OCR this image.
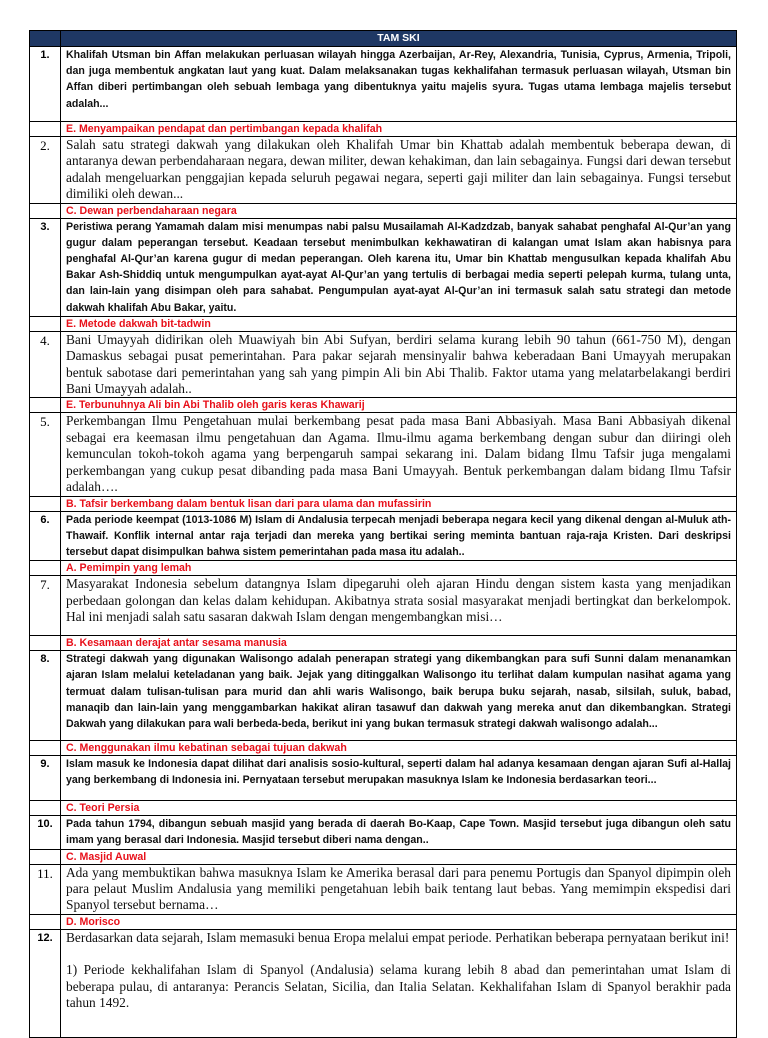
	TAM SKI
1.	Khalifah Utsman bin Affan melakukan perluasan wilayah hingga Azerbaijan, Ar-Rey, Alexandria, Tunisia, Cyprus, Armenia, Tripoli, dan juga membentuk angkatan laut yang kuat. Dalam melaksanakan tugas kekhalifahan termasuk perluasan wilayah, Utsman bin Affan diberi pertimbangan oleh sebuah lembaga yang dibentuknya yaitu majelis syura. Tugas utama lembaga majelis tersebut adalah...
	E. Menyampaikan pendapat dan pertimbangan kepada khalifah
2.	Salah satu strategi dakwah yang dilakukan oleh Khalifah Umar bin Khattab adalah membentuk beberapa dewan, di antaranya dewan perbendaharaan negara, dewan militer, dewan kehakiman, dan lain sebagainya. Fungsi dari dewan tersebut adalah mengeluarkan penggajian kepada seluruh pegawai negara, seperti gaji militer dan lain sebagainya. Fungsi tersebut dimiliki oleh dewan...
	C. Dewan perbendaharaan negara
3.	Peristiwa perang Yamamah dalam misi menumpas nabi palsu Musailamah Al-Kadzdzab, banyak sahabat penghafal Al-Qur’an yang gugur dalam peperangan tersebut. Keadaan tersebut menimbulkan kekhawatiran di kalangan umat Islam akan habisnya para penghafal Al-Qur’an karena gugur di medan peperangan. Oleh karena itu, Umar bin Khattab mengusulkan kepada khalifah Abu Bakar Ash-Shiddiq untuk mengumpulkan ayat-ayat Al-Qur’an yang tertulis di berbagai media seperti pelepah kurma, tulang unta, dan lain-lain yang disimpan oleh para sahabat. Pengumpulan ayat-ayat Al-Qur’an ini termasuk salah satu strategi dan metode dakwah khalifah Abu Bakar, yaitu.
	E. Metode dakwah bit-tadwin
4.	Bani Umayyah didirikan oleh Muawiyah bin Abi Sufyan, berdiri selama kurang lebih 90 tahun (661-750 M), dengan Damaskus sebagai pusat pemerintahan. Para pakar sejarah mensinyalir bahwa keberadaan Bani Umayyah merupakan bentuk sabotase dari pemerintahan yang sah yang pimpin Ali bin Abi Thalib. Faktor utama yang melatarbelakangi berdiri Bani Umayyah adalah..
	E. Terbunuhnya Ali bin Abi Thalib oleh garis keras Khawarij
5.	Perkembangan Ilmu Pengetahuan mulai berkembang pesat pada masa Bani Abbasiyah. Masa Bani Abbasiyah dikenal sebagai era keemasan ilmu pengetahuan dan Agama. Ilmu-ilmu agama berkembang dengan subur dan diiringi oleh kemunculan tokoh-tokoh agama yang berpengaruh sampai sekarang ini. Dalam bidang Ilmu Tafsir juga mengalami perkembangan yang cukup pesat dibanding pada masa Bani Umayyah. Bentuk perkembangan dalam bidang Ilmu Tafsir adalah….
	B. Tafsir berkembang dalam bentuk lisan dari para ulama dan mufassirin
6.	Pada periode keempat (1013-1086 M) Islam di Andalusia terpecah menjadi beberapa negara kecil yang dikenal dengan al-Muluk ath-Thawaif. Konflik internal antar raja terjadi dan mereka yang bertikai sering meminta bantuan raja-raja Kristen. Dari deskripsi tersebut dapat disimpulkan bahwa sistem pemerintahan pada masa itu adalah..
	A. Pemimpin yang lemah
7.	Masyarakat Indonesia sebelum datangnya Islam dipegaruhi oleh ajaran Hindu dengan sistem kasta yang menjadikan perbedaan golongan dan kelas dalam kehidupan. Akibatnya strata sosial masyarakat menjadi bertingkat dan berkelompok. Hal ini menjadi salah satu sasaran dakwah Islam dengan mengembangkan misi…
	B. Kesamaan derajat antar sesama manusia
8.	Strategi dakwah yang digunakan Walisongo adalah penerapan strategi yang dikembangkan para sufi Sunni dalam menanamkan ajaran Islam melalui keteladanan yang baik. Jejak yang ditinggalkan Walisongo itu terlihat dalam kumpulan nasihat agama yang termuat dalam tulisan-tulisan para murid dan ahli waris Walisongo, baik berupa buku sejarah, nasab, silsilah, suluk, babad, manaqib dan lain-lain yang menggambarkan hakikat aliran tasawuf dan dakwah yang mereka anut dan dikembangkan. Strategi Dakwah yang dilakukan para wali berbeda-beda, berikut ini yang bukan termasuk strategi dakwah walisongo adalah...
	C. Menggunakan ilmu kebatinan sebagai tujuan dakwah
9.	Islam masuk ke Indonesia dapat dilihat dari analisis sosio-kultural, seperti dalam hal adanya kesamaan dengan ajaran Sufi al-Hallaj yang berkembang di Indonesia ini. Pernyataan tersebut merupakan masuknya Islam ke Indonesia berdasarkan teori...
	C. Teori Persia
10.	Pada tahun 1794, dibangun sebuah masjid yang berada di daerah Bo-Kaap, Cape Town. Masjid tersebut juga dibangun oleh satu imam yang berasal dari Indonesia. Masjid tersebut diberi nama dengan..
	C. Masjid Auwal
11.	Ada yang membuktikan bahwa masuknya Islam ke Amerika berasal dari para penemu Portugis dan Spanyol dipimpin oleh para pelaut Muslim Andalusia yang memiliki pengetahuan lebih baik tentang laut bebas. Yang memimpin ekspedisi dari Spanyol tersebut bernama…
	D. Morisco
12.	Berdasarkan data sejarah, Islam memasuki benua Eropa melalui empat periode. Perhatikan beberapa pernyataan berikut ini!
1) Periode kekhalifahan Islam di Spanyol (Andalusia) selama kurang lebih 8 abad dan pemerintahan umat Islam di beberapa pulau, di antaranya: Perancis Selatan, Sicilia, dan Italia Selatan. Kekhalifahan Islam di Spanyol berakhir pada tahun 1492.
